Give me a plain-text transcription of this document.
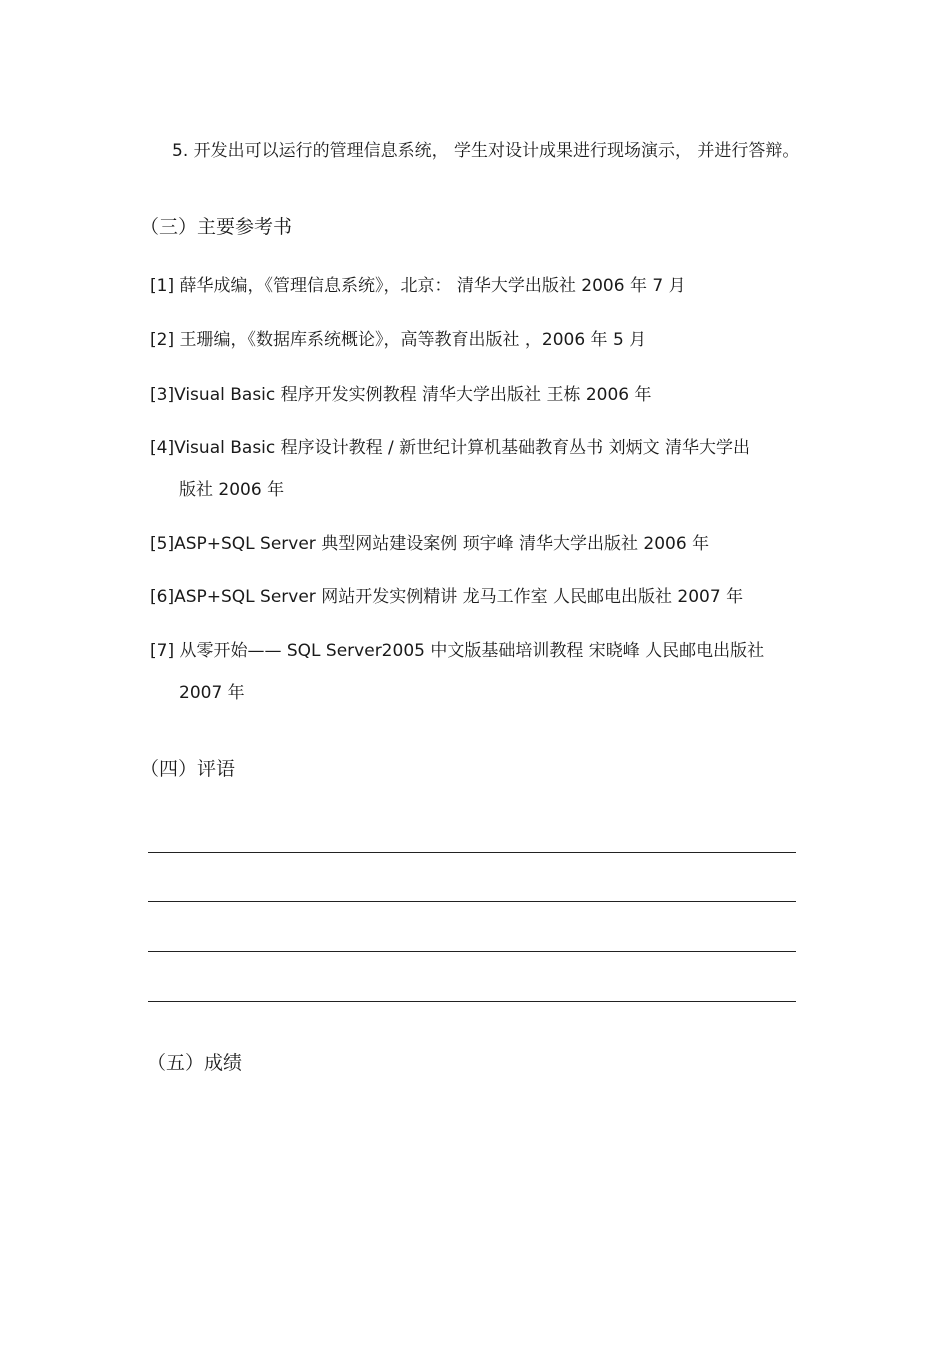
5. 开发出可以运行的管理信息系统， 学生对设计成果进行现场演示， 并进行答辩。
（三）主要参考书
[1] 薛华成编，《管理信息系统》，北京： 清华大学出版社 2006 年 7 月
[2] 王珊编，《数据库系统概论》，高等教育出版社 ，2006 年 5 月
[3]Visual Basic 程序开发实例教程 清华大学出版社 王栋 2006 年
[4]Visual Basic 程序设计教程 / 新世纪计算机基础教育丛书 刘炳文 清华大学出
版社 2006 年
[5]ASP+SQL Server 典型网站建设案例 顼宇峰 清华大学出版社 2006 年
[6]ASP+SQL Server 网站开发实例精讲 龙马工作室 人民邮电出版社 2007 年
[7] 从零开始—— SQL Server2005 中文版基础培训教程 宋晓峰 人民邮电出版社
2007 年
（四）评语
（五）成绩
